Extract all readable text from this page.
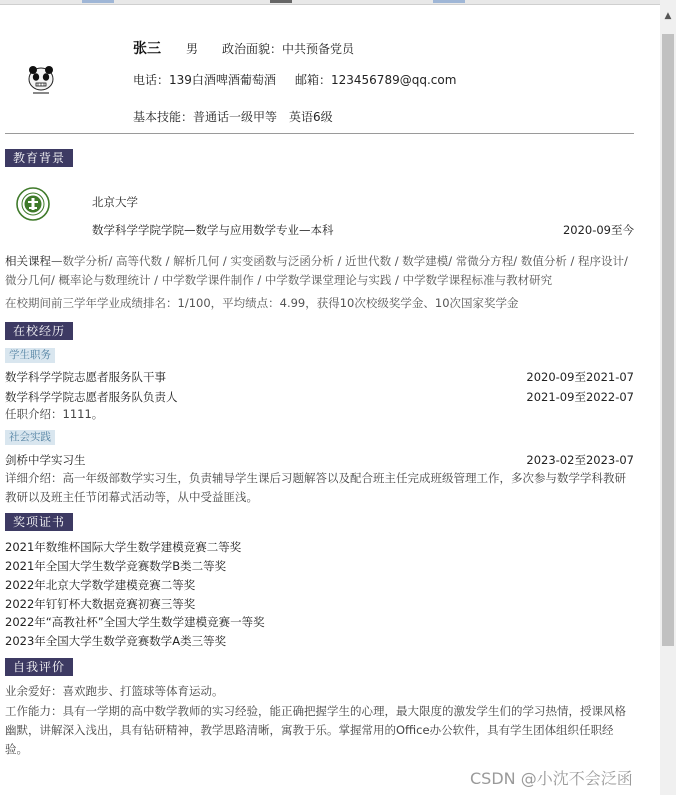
▲
张三 男 政治面貌：中共预备党员
电话：139白酒啤酒葡萄酒 邮箱：123456789@qq.com
基本技能：普通话一级甲等　英语6级
教育背景
北京大学
数学科学学院学院—数学与应用数学专业—本科	2020-09至今
相关课程—数学分析/ 高等代数 / 解析几何 / 实变函数与泛函分析 / 近世代数 / 数学建模/ 常微分方程/ 数值分析 / 程序设计/ 微分几何/ 概率论与数理统计 / 中学数学课件制作 / 中学数学课堂理论与实践 / 中学数学课程标准与教材研究
在校期间前三学年学业成绩排名：1/100，平均绩点：4.99，获得10次校级奖学金、10次国家奖学金
在校经历
学生职务
数学科学学院志愿者服务队干事	2020-09至2021-07
数学科学学院志愿者服务队负责人	2021-09至2022-07
任职介绍：1111。
社会实践
剑桥中学实习生	2023-02至2023-07
详细介绍：高一年级部数学实习生，负责辅导学生课后习题解答以及配合班主任完成班级管理工作，多次参与数学学科教研教研以及班主任节闭幕式活动等，从中受益匪浅。
奖项证书
2021年数维杯国际大学生数学建模竞赛二等奖
2021年全国大学生数学竞赛数学B类二等奖
2022年北京大学数学建模竞赛二等奖
2022年钉钉杯大数据竞赛初赛三等奖
2022年“高教社杯”全国大学生数学建模竞赛一等奖
2023年全国大学生数学竞赛数学A类三等奖
自我评价
业余爱好：喜欢跑步、打篮球等体育运动。
工作能力：具有一学期的高中数学教师的实习经验，能正确把握学生的心理，最大限度的激发学生们的学习热情，授课风格幽默，讲解深入浅出，具有钻研精神，教学思路清晰，寓教于乐。掌握常用的Office办公软件，具有学生团体组织任职经验。
CSDN @小沈不会泛函
